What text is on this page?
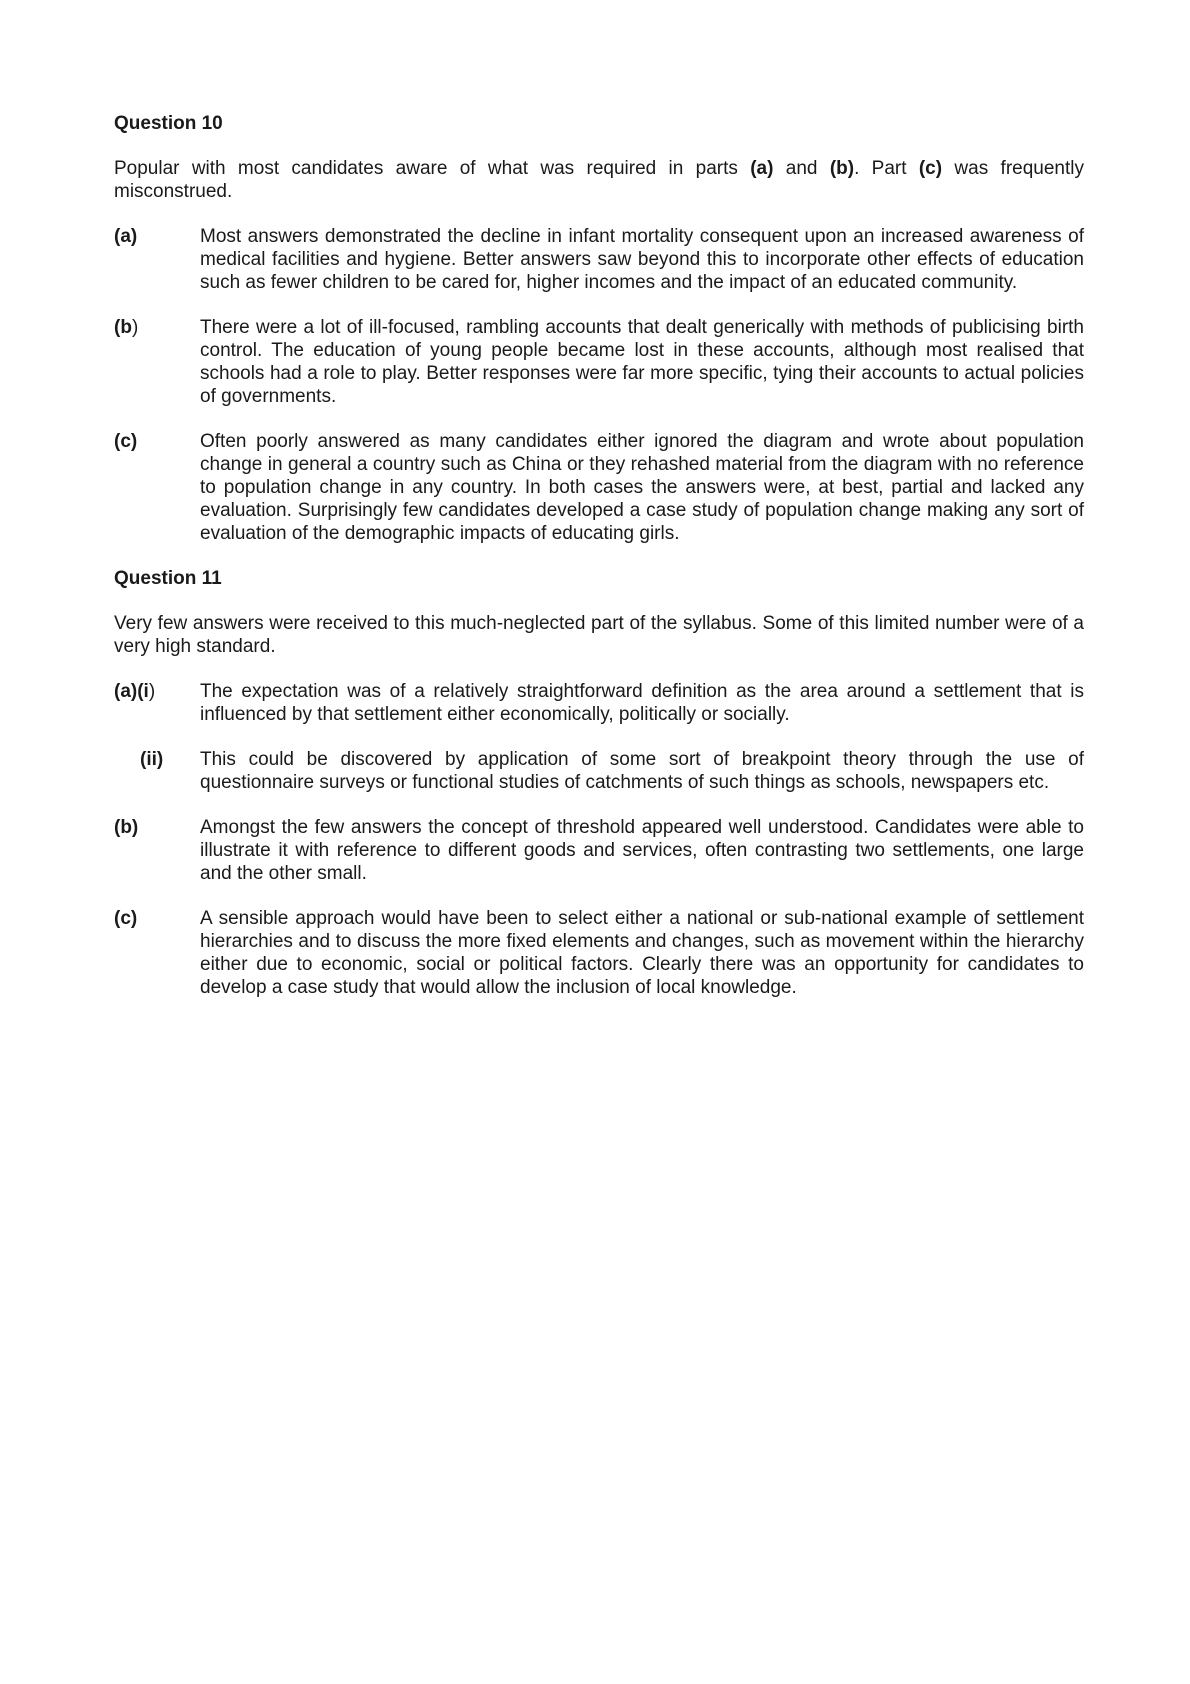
Question 10
Popular with most candidates aware of what was required in parts (a) and (b). Part (c) was frequently misconstrued.
(a)	Most answers demonstrated the decline in infant mortality consequent upon an increased awareness of medical facilities and hygiene. Better answers saw beyond this to incorporate other effects of education such as fewer children to be cared for, higher incomes and the impact of an educated community.
(b)	There were a lot of ill-focused, rambling accounts that dealt generically with methods of publicising birth control. The education of young people became lost in these accounts, although most realised that schools had a role to play. Better responses were far more specific, tying their accounts to actual policies of governments.
(c)	Often poorly answered as many candidates either ignored the diagram and wrote about population change in general a country such as China or they rehashed material from the diagram with no reference to population change in any country. In both cases the answers were, at best, partial and lacked any evaluation. Surprisingly few candidates developed a case study of population change making any sort of evaluation of the demographic impacts of educating girls.
Question 11
Very few answers were received to this much-neglected part of the syllabus. Some of this limited number were of a very high standard.
(a)(i)	The expectation was of a relatively straightforward definition as the area around a settlement that is influenced by that settlement either economically, politically or socially.
(ii)	This could be discovered by application of some sort of breakpoint theory through the use of questionnaire surveys or functional studies of catchments of such things as schools, newspapers etc.
(b)	Amongst the few answers the concept of threshold appeared well understood. Candidates were able to illustrate it with reference to different goods and services, often contrasting two settlements, one large and the other small.
(c)	A sensible approach would have been to select either a national or sub-national example of settlement hierarchies and to discuss the more fixed elements and changes, such as movement within the hierarchy either due to economic, social or political factors. Clearly there was an opportunity for candidates to develop a case study that would allow the inclusion of local knowledge.
